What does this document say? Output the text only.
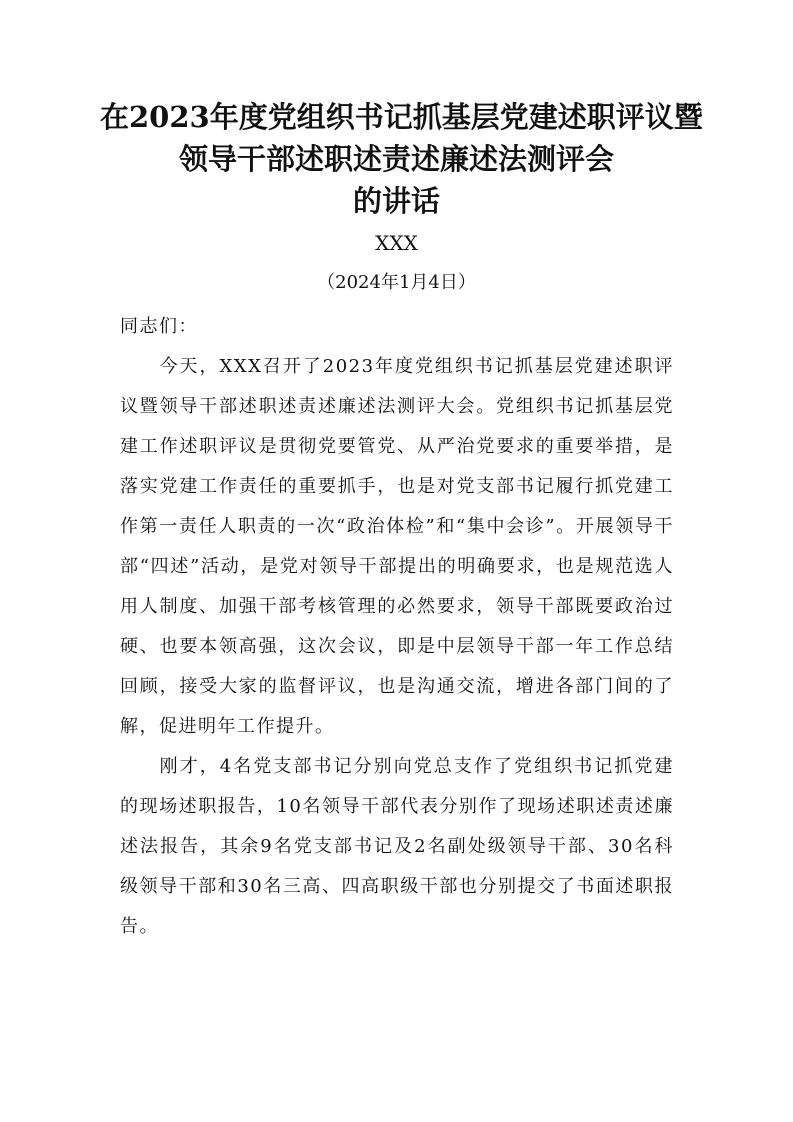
在2023年度党组织书记抓基层党建述职评议暨
领导干部述职述责述廉述法测评会
的讲话
XXX
（2024年1月4日）

同志们：

今天，XXX召开了2023年度党组织书记抓基层党建述职评议暨领导干部述职述责述廉述法测评大会。党组织书记抓基层党建工作述职评议是贯彻党要管党、从严治党要求的重要举措，是落实党建工作责任的重要抓手，也是对党支部书记履行抓党建工作第一责任人职责的一次“政治体检”和“集中会诊”。开展领导干部“四述”活动，是党对领导干部提出的明确要求，也是规范选人用人制度、加强干部考核管理的必然要求，领导干部既要政治过硬、也要本领高强，这次会议，即是中层领导干部一年工作总结回顾，接受大家的监督评议，也是沟通交流，增进各部门间的了解，促进明年工作提升。

刚才，4名党支部书记分别向党总支作了党组织书记抓党建的现场述职报告，10名领导干部代表分别作了现场述职述责述廉述法报告，其余9名党支部书记及2名副处级领导干部、30名科级领导干部和30名三高、四高职级干部也分别提交了书面述职报告。
